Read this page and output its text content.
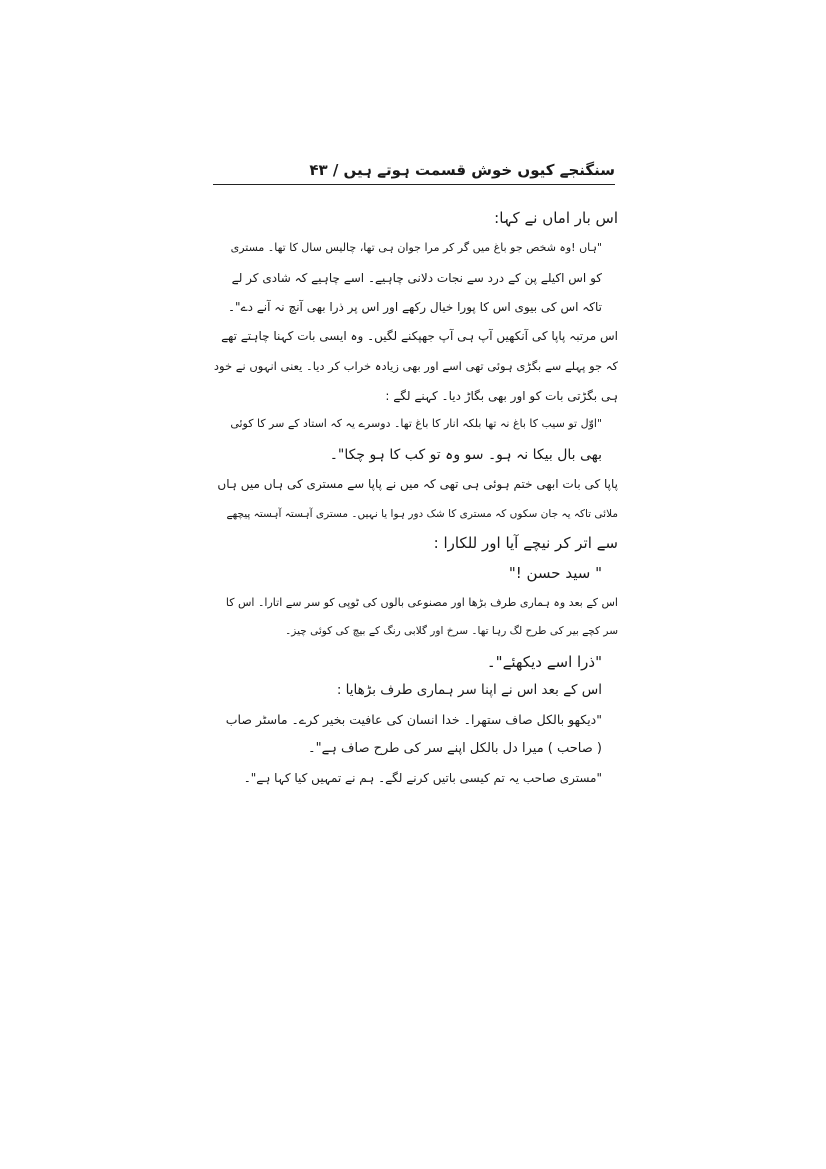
سنگنجے کیوں خوش قسمت ہوتے ہیں / ۴۳
اس بار اماں نے کہا:
"ہاں !وہ شخص جو باغ میں گر کر مرا جوان ہی تھا، چالیس سال کا تھا۔ مستری
کو اس اکیلے پن کے درد سے نجات دلانی چاہیے۔ اسے چاہیے کہ شادی کر لے
تاکہ اس کی بیوی اس کا پورا خیال رکھے اور اس پر ذرا بھی آنچ نہ آنے دے"۔
اس مرتبہ پاپا کی آنکھیں آپ ہی آپ جھپکنے لگیں۔ وہ ایسی بات کہنا چاہتے تھے
کہ جو پہلے سے بگڑی ہوئی تھی اسے اور بھی زیادہ خراب کر دیا۔ یعنی انہوں نے خود
ہی بگڑتی بات کو اور بھی بگاڑ دیا۔ کہنے لگے :
"اوّل تو سیب کا باغ نہ تھا بلکہ انار کا باغ تھا۔ دوسرے یہ کہ استاد کے سر کا کوئی
بھی بال بیکا نہ ہو۔ سو وہ تو کب کا ہو چکا"۔
پاپا کی بات ابھی ختم ہوئی ہی تھی کہ میں نے پاپا سے مستری کی ہاں میں ہاں
ملائی تاکہ یہ جان سکوں کہ مستری کا شک دور ہوا یا نہیں۔ مستری آہستہ آہستہ پیچھے
سے اتر کر نیچے آیا اور للکارا :
" سید حسن !"
اس کے بعد وہ ہماری طرف بڑھا اور مصنوعی بالوں کی ٹوپی کو سر سے اتارا۔ اس کا
سر کچے بیر کی طرح لگ رہا تھا۔ سرخ اور گلابی رنگ کے بیچ کی کوئی چیز۔
"ذرا اسے دیکھئے"۔
اس کے بعد اس نے اپنا سر ہماری طرف بڑھایا :
"دیکھو بالکل صاف ستھرا۔ خدا انسان کی عافیت بخیر کرے۔ ماسٹر صاب
( صاحب ) میرا دل بالکل اپنے سر کی طرح صاف ہے"۔
"مستری صاحب یہ تم کیسی باتیں کرنے لگے۔ ہم نے تمہیں کیا کہا ہے"۔
